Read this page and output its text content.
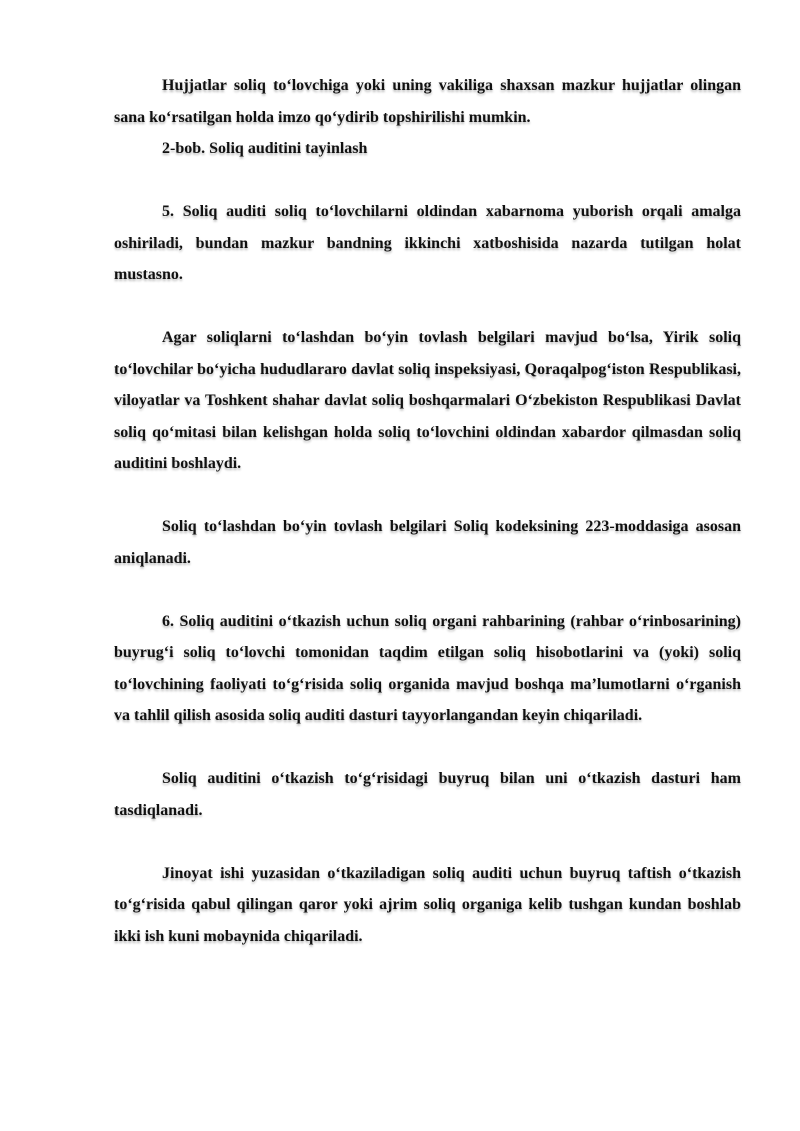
Hujjatlar soliq to‘lovchiga yoki uning vakiliga shaxsan mazkur hujjatlar olingan sana ko‘rsatilgan holda imzo qo‘ydirib topshirilishi mumkin.

2-bob. Soliq auditini tayinlash

5. Soliq auditi soliq to‘lovchilarni oldindan xabarnoma yuborish orqali amalga oshiriladi, bundan mazkur bandning ikkinchi xatboshisida nazarda tutilgan holat mustasno.

Agar soliqlarni to‘lashdan bo‘yin tovlash belgilari mavjud bo‘lsa, Yirik soliq to‘lovchilar bo‘yicha hududlararo davlat soliq inspeksiyasi, Qoraqalpog‘iston Respublikasi, viloyatlar va Toshkent shahar davlat soliq boshqarmalari O‘zbekiston Respublikasi Davlat soliq qo‘mitasi bilan kelishgan holda soliq to‘lovchini oldindan xabardor qilmasdan soliq auditini boshlaydi.

Soliq to‘lashdan bo‘yin tovlash belgilari Soliq kodeksining 223-moddasiga asosan aniqlanadi.

6. Soliq auditini o‘tkazish uchun soliq organi rahbarining (rahbar o‘rinbosarining) buyrug‘i soliq to‘lovchi tomonidan taqdim etilgan soliq hisobotlarini va (yoki) soliq to‘lovchining faoliyati to‘g‘risida soliq organida mavjud boshqa ma’lumotlarni o‘rganish va tahlil qilish asosida soliq auditi dasturi tayyorlangandan keyin chiqariladi.

Soliq auditini o‘tkazish to‘g‘risidagi buyruq bilan uni o‘tkazish dasturi ham tasdiqlanadi.

Jinoyat ishi yuzasidan o‘tkaziladigan soliq auditi uchun buyruq taftish o‘tkazish to‘g‘risida qabul qilingan qaror yoki ajrim soliq organiga kelib tushgan kundan boshlab ikki ish kuni mobaynida chiqariladi.
